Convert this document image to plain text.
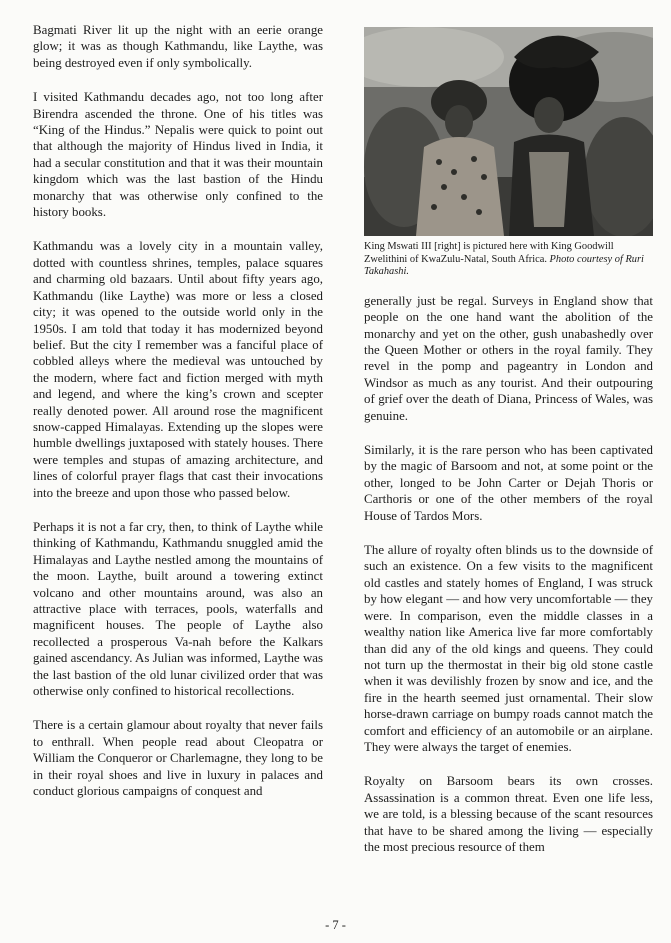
Bagmati River lit up the night with an eerie orange glow; it was as though Kathmandu, like Laythe, was being destroyed even if only symbolically.

I visited Kathmandu decades ago, not too long after Birendra ascended the throne. One of his titles was “King of the Hindus.” Nepalis were quick to point out that although the majority of Hindus lived in India, it had a secular constitution and that it was their mountain kingdom which was the last bastion of the Hindu monarchy that was otherwise only confined to the history books.

Kathmandu was a lovely city in a mountain valley, dotted with countless shrines, temples, palace squares and charming old bazaars. Until about fifty years ago, Kathmandu (like Laythe) was more or less a closed city; it was opened to the outside world only in the 1950s. I am told that today it has modernized beyond belief. But the city I remember was a fanciful place of cobbled alleys where the medieval was untouched by the modern, where fact and fiction merged with myth and legend, and where the king’s crown and scepter really denoted power. All around rose the magnificent snow-capped Himalayas. Extending up the slopes were humble dwellings juxtaposed with stately houses. There were temples and stupas of amazing architecture, and lines of colorful prayer flags that cast their invocations into the breeze and upon those who passed below.

Perhaps it is not a far cry, then, to think of Laythe while thinking of Kathmandu, Kathmandu snuggled amid the Himalayas and Laythe nestled among the mountains of the moon. Laythe, built around a towering extinct volcano and other mountains around, was also an attractive place with terraces, pools, waterfalls and magnificent houses. The people of Laythe also recollected a prosperous Va-nah before the Kalkars gained ascendancy. As Julian was informed, Laythe was the last bastion of the old lunar civilized order that was otherwise only confined to historical recollections.

There is a certain glamour about royalty that never fails to enthrall. When people read about Cleopatra or William the Conqueror or Charlemagne, they long to be in their royal shoes and live in luxury in palaces and conduct glorious campaigns of conquest and

King Mswati III [right] is pictured here with King Goodwill Zwelithini of KwaZulu-Natal, South Africa. Photo courtesy of Ruri Takahashi.

generally just be regal. Surveys in England show that people on the one hand want the abolition of the monarchy and yet on the other, gush unabashedly over the Queen Mother or others in the royal family. They revel in the pomp and pageantry in London and Windsor as much as any tourist. And their outpouring of grief over the death of Diana, Princess of Wales, was genuine.

Similarly, it is the rare person who has been captivated by the magic of Barsoom and not, at some point or the other, longed to be John Carter or Dejah Thoris or Carthoris or one of the other members of the royal House of Tardos Mors.

The allure of royalty often blinds us to the downside of such an existence. On a few visits to the magnificent old castles and stately homes of England, I was struck by how elegant — and how very uncomfortable — they were. In comparison, even the middle classes in a wealthy nation like America live far more comfortably than did any of the old kings and queens. They could not turn up the thermostat in their big old stone castle when it was devilishly frozen by snow and ice, and the fire in the hearth seemed just ornamental. Their slow horse-drawn carriage on bumpy roads cannot match the comfort and efficiency of an automobile or an airplane. They were always the target of enemies.

Royalty on Barsoom bears its own crosses. Assassination is a common threat. Even one life less, we are told, is a blessing because of the scant resources that have to be shared among the living — especially the most precious resource of them

- 7 -
